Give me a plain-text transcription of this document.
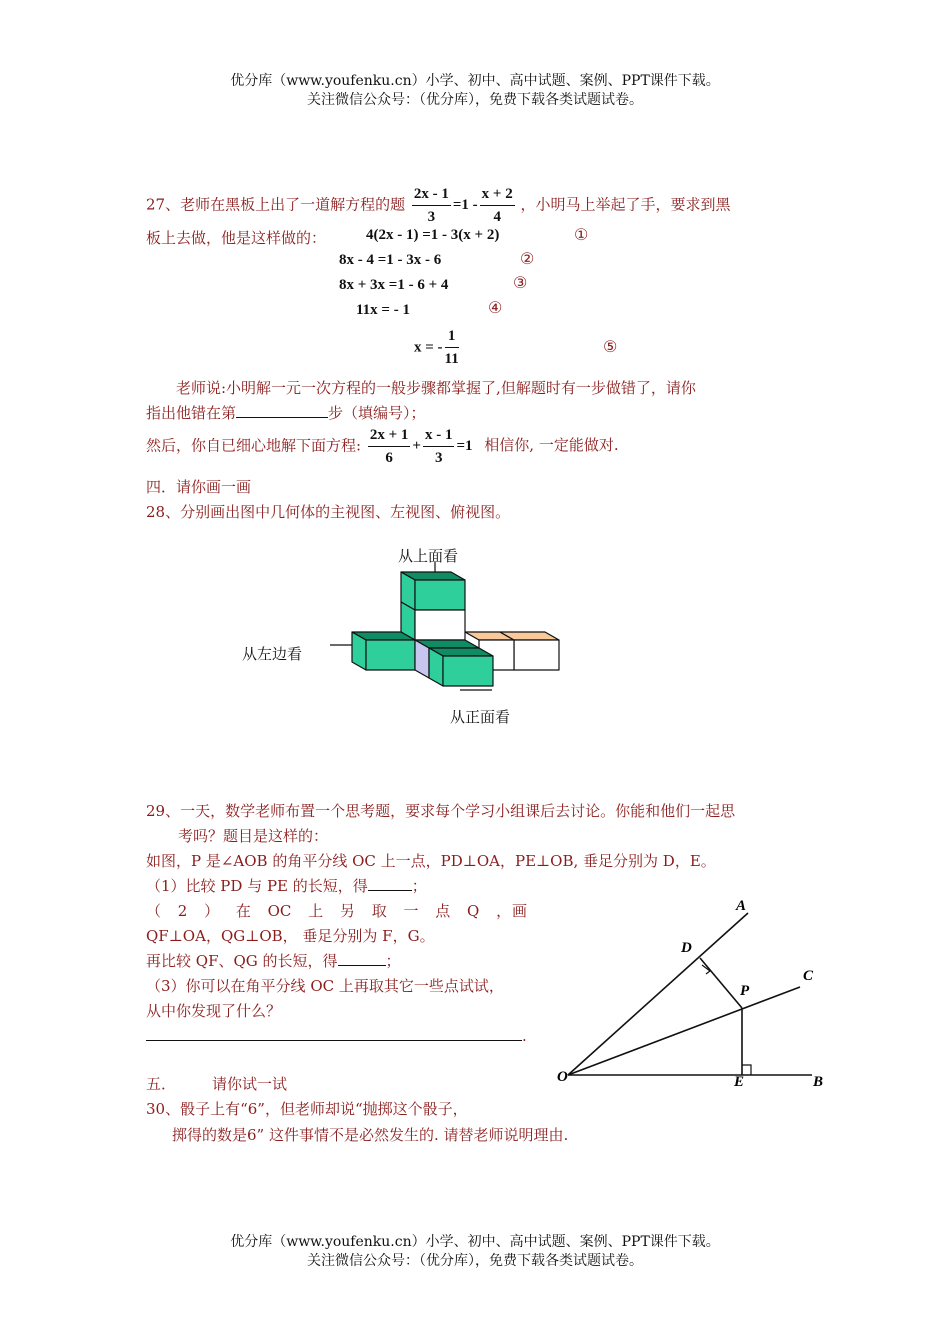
优分库（www.youfenku.cn）小学、初中、高中试题、案例、PPT课件下载。
关注微信公众号：（优分库），免费下载各类试题试卷。
27、老师在黑板上出了一道解方程的题 $\frac{2x - 1}{3} =1 - \frac{x + 2}{4}$ ，小明马上举起了手，要求到黑
板上去做，他是这样做的：	4(2x - 1) =1 - 3(x + 2)	①
8x - 4 =1 - 3x - 6	②
8x + 3x =1 - 6 + 4	③
11x = - 1	④
x = - $\frac{1}{11}$	⑤
老师说:小明解一元一次方程的一般步骤都掌握了,但解题时有一步做错了，请你
指出他错在第	步（填编号）；
然后，你自已细心地解下面方程: $\frac{2x + 1}{6} + \frac{x - 1}{3} =1$ 相信你, 一定能做对.
四．请你画一画
28、分别画出图中几何体的主视图、左视图、俯视图。
从上面看
从左边看
从正面看
29、一天，数学老师布置一个思考题，要求每个学习小组课后去讨论。你能和他们一起思
考吗？题目是这样的：
如图，P 是∠AOB 的角平分线 OC 上一点，PD⊥OA，PE⊥OB, 垂足分别为 D，E。
（1）比较 PD 与 PE 的长短，得	；
（ 2 ） 在 OC 上 另 取 一 点 Q ， 画
QF⊥OA，QG⊥OB， 垂足分别为 F，G。
再比较 QF、QG 的长短，得	；
（3）你可以在角平分线 OC 上再取其它一些点试试，
从中你发现了什么？
.
A
C
D
P
O	E	B
五． 请你试一试
30、骰子上有“6”，但老师却说“抛掷这个骰子，
掷得的数是6” 这件事情不是必然发生的. 请替老师说明理由.
优分库（www.youfenku.cn）小学、初中、高中试题、案例、PPT课件下载。
关注微信公众号：（优分库），免费下载各类试题试卷。
